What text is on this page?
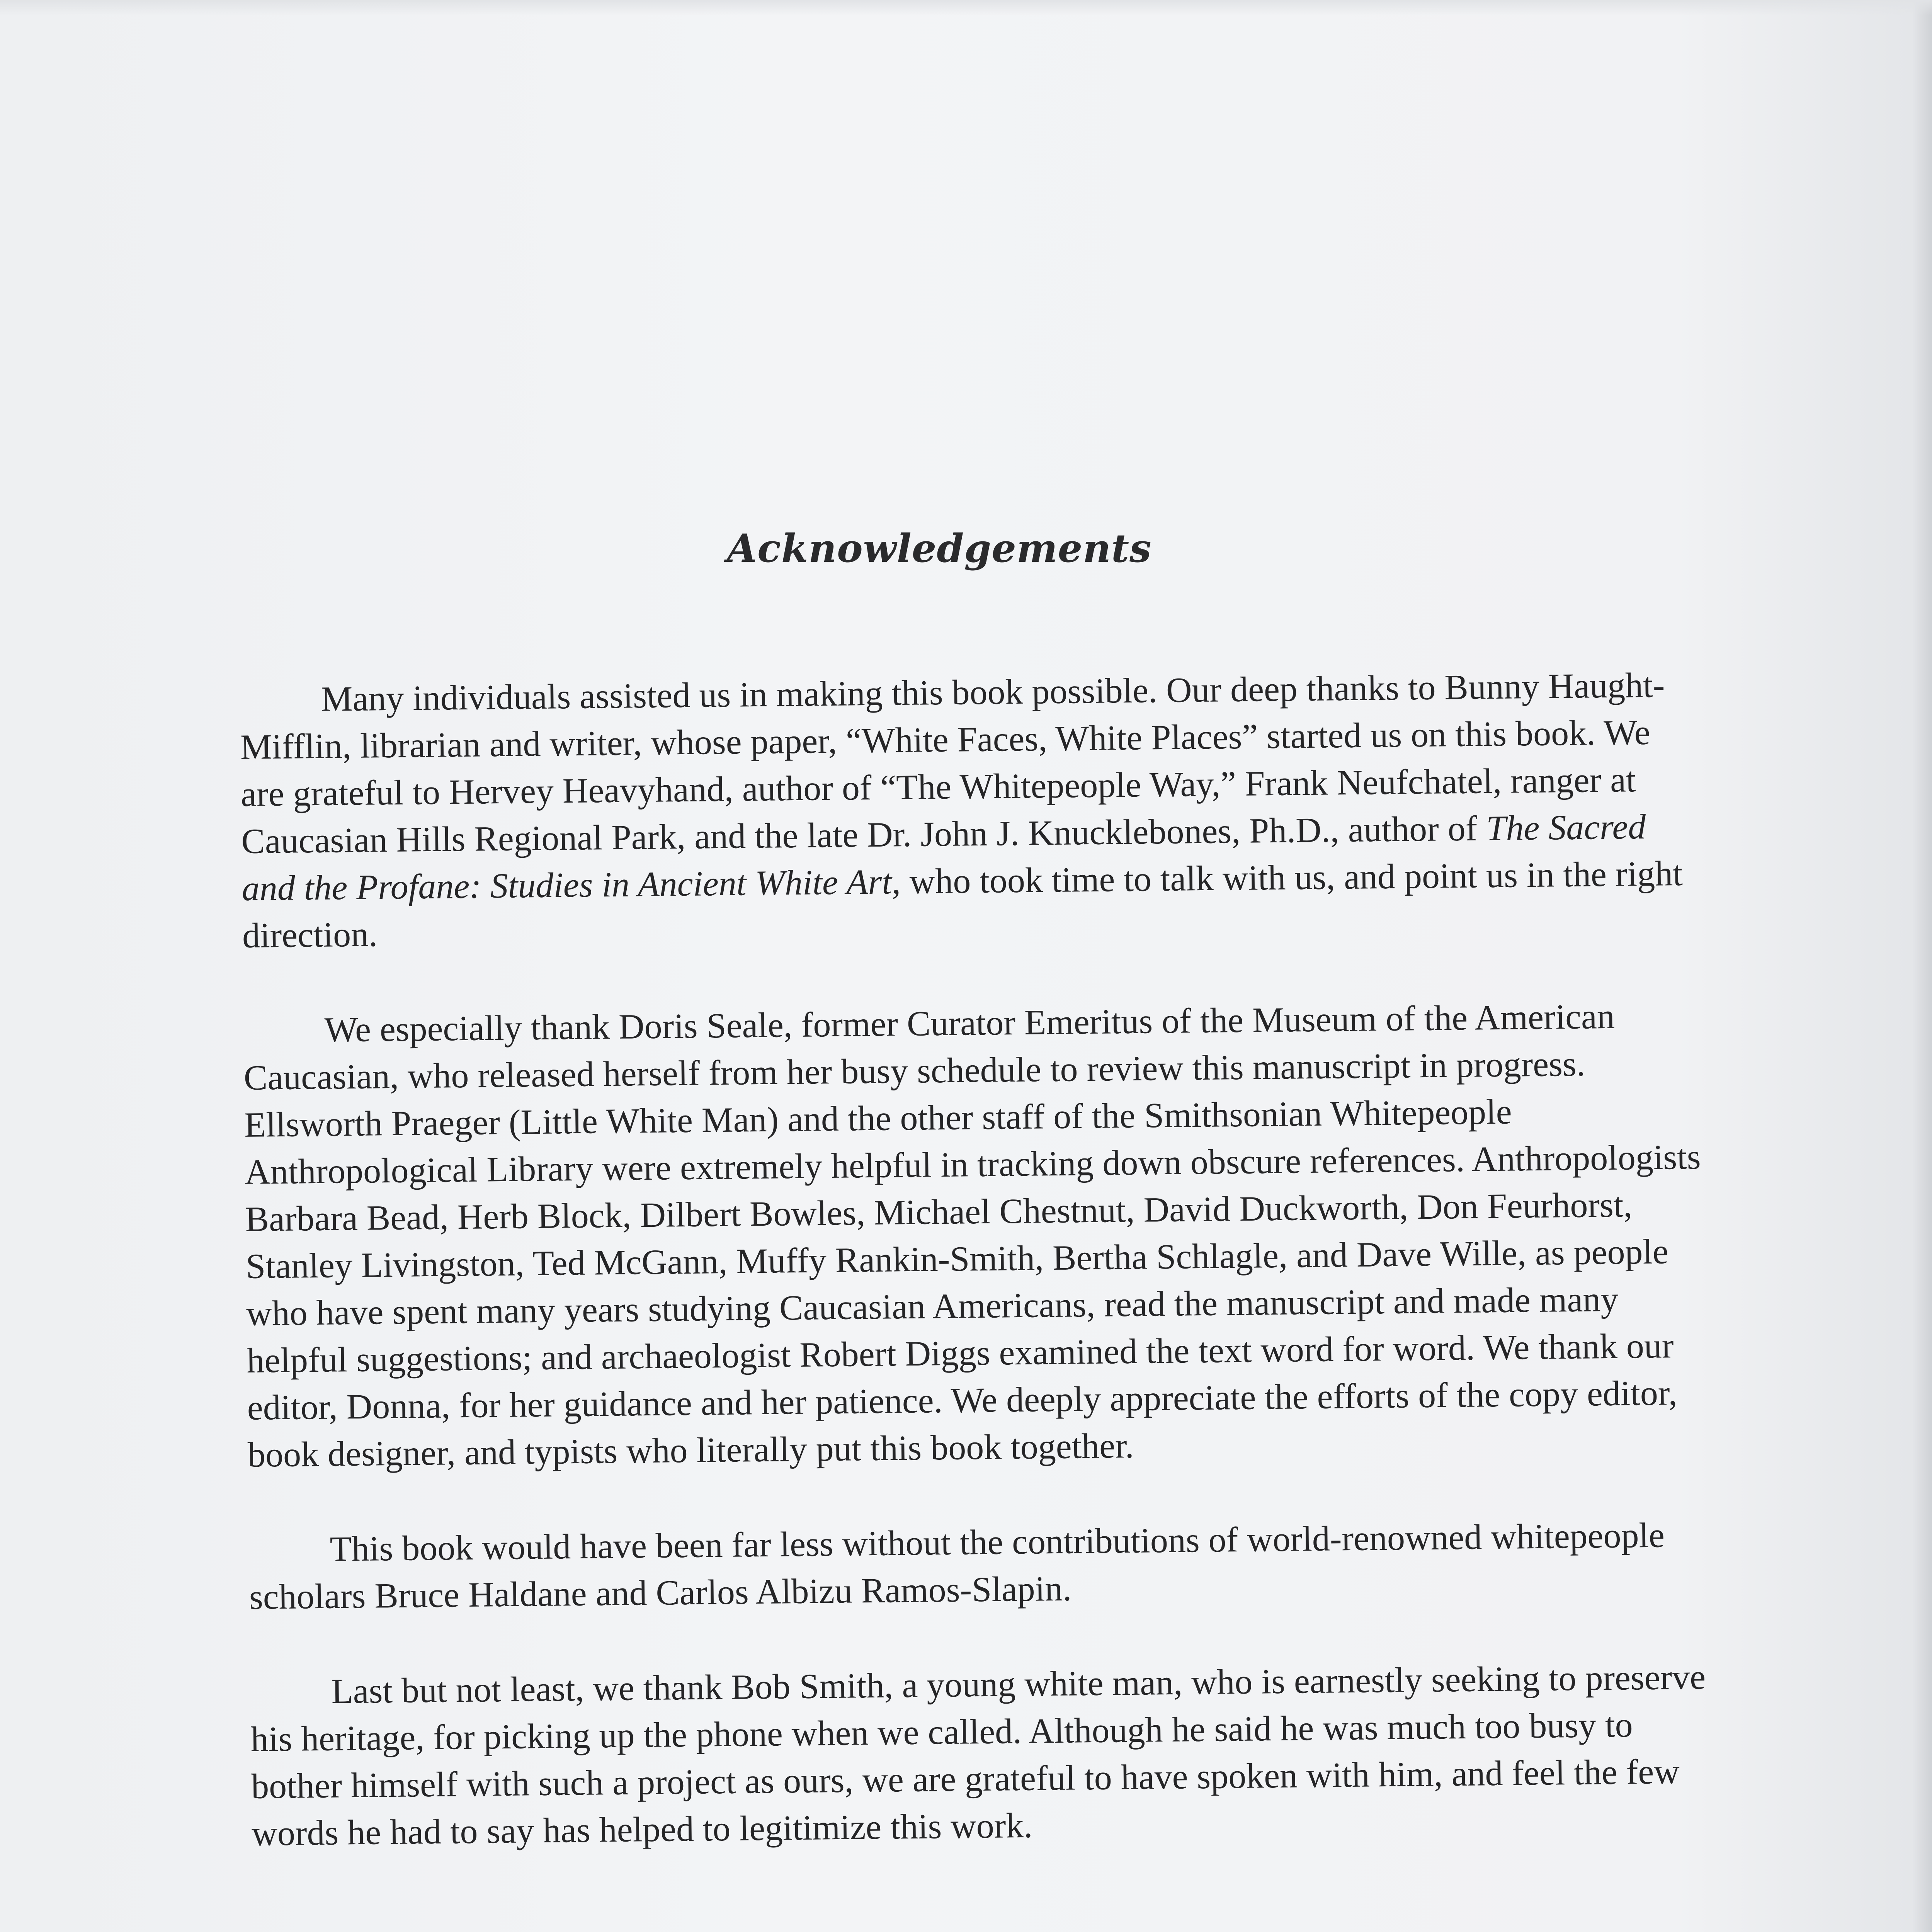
Acknowledgements

Many individuals assisted us in making this book possible. Our deep thanks to Bunny Haught-Mifflin, librarian and writer, whose paper, “White Faces, White Places” started us on this book. We are grateful to Hervey Heavyhand, author of “The Whitepeople Way,” Frank Neufchatel, ranger at Caucasian Hills Regional Park, and the late Dr. John J. Knucklebones, Ph.D., author of The Sacred and the Profane: Studies in Ancient White Art, who took time to talk with us, and point us in the right direction.

We especially thank Doris Seale, former Curator Emeritus of the Museum of the American Caucasian, who released herself from her busy schedule to review this manuscript in progress. Ellsworth Praeger (Little White Man) and the other staff of the Smithsonian Whitepeople Anthropological Library were extremely helpful in tracking down obscure references. Anthropologists Barbara Bead, Herb Block, Dilbert Bowles, Michael Chestnut, David Duckworth, Don Feurhorst, Stanley Livingston, Ted McGann, Muffy Rankin-Smith, Bertha Schlagle, and Dave Wille, as people who have spent many years studying Caucasian Americans, read the manuscript and made many helpful suggestions; and archaeologist Robert Diggs examined the text word for word. We thank our editor, Donna, for her guidance and her patience. We deeply appreciate the efforts of the copy editor, book designer, and typists who literally put this book together.

This book would have been far less without the contributions of world-renowned whitepeople scholars Bruce Haldane and Carlos Albizu Ramos-Slapin.

Last but not least, we thank Bob Smith, a young white man, who is earnestly seeking to preserve his heritage, for picking up the phone when we called. Although he said he was much too busy to bother himself with such a project as ours, we are grateful to have spoken with him, and feel the few words he had to say has helped to legitimize this work.
